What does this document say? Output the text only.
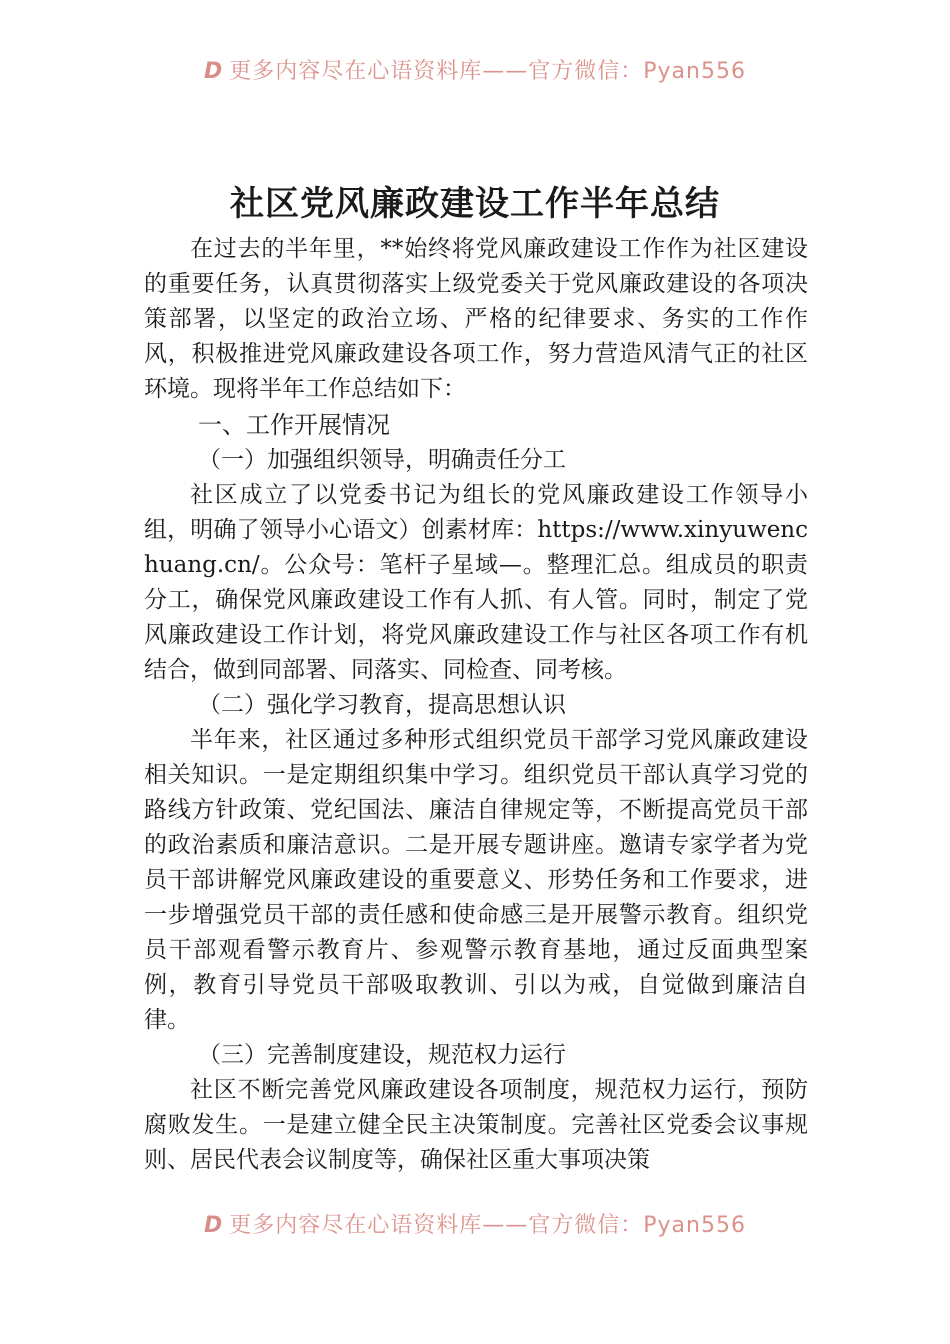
D 更多内容尽在心语资料库——官方微信：Pyan556
社区党风廉政建设工作半年总结

在过去的半年里，**始终将党风廉政建设工作作为社区建设的重要任务，认真贯彻落实上级党委关于党风廉政建设的各项决策部署，以坚定的政治立场、严格的纪律要求、务实的工作作风，积极推进党风廉政建设各项工作，努力营造风清气正的社区环境。现将半年工作总结如下：

一、工作开展情况

（一）加强组织领导，明确责任分工

社区成立了以党委书记为组长的党风廉政建设工作领导小组，明确了领导小心语文）创素材库：https://www.xinyuwenchuang.cn/。公众号：笔杆子星域—。整理汇总。组成员的职责分工，确保党风廉政建设工作有人抓、有人管。同时，制定了党风廉政建设工作计划，将党风廉政建设工作与社区各项工作有机结合，做到同部署、同落实、同检查、同考核。

（二）强化学习教育，提高思想认识

半年来，社区通过多种形式组织党员干部学习党风廉政建设相关知识。一是定期组织集中学习。组织党员干部认真学习党的路线方针政策、党纪国法、廉洁自律规定等，不断提高党员干部的政治素质和廉洁意识。二是开展专题讲座。邀请专家学者为党员干部讲解党风廉政建设的重要意义、形势任务和工作要求，进一步增强党员干部的责任感和使命感三是开展警示教育。组织党员干部观看警示教育片、参观警示教育基地，通过反面典型案例，教育引导党员干部吸取教训、引以为戒，自觉做到廉洁自律。

（三）完善制度建设，规范权力运行

社区不断完善党风廉政建设各项制度，规范权力运行，预防腐败发生。一是建立健全民主决策制度。完善社区党委会议事规则、居民代表会议制度等，确保社区重大事项决策

D 更多内容尽在心语资料库——官方微信：Pyan556
